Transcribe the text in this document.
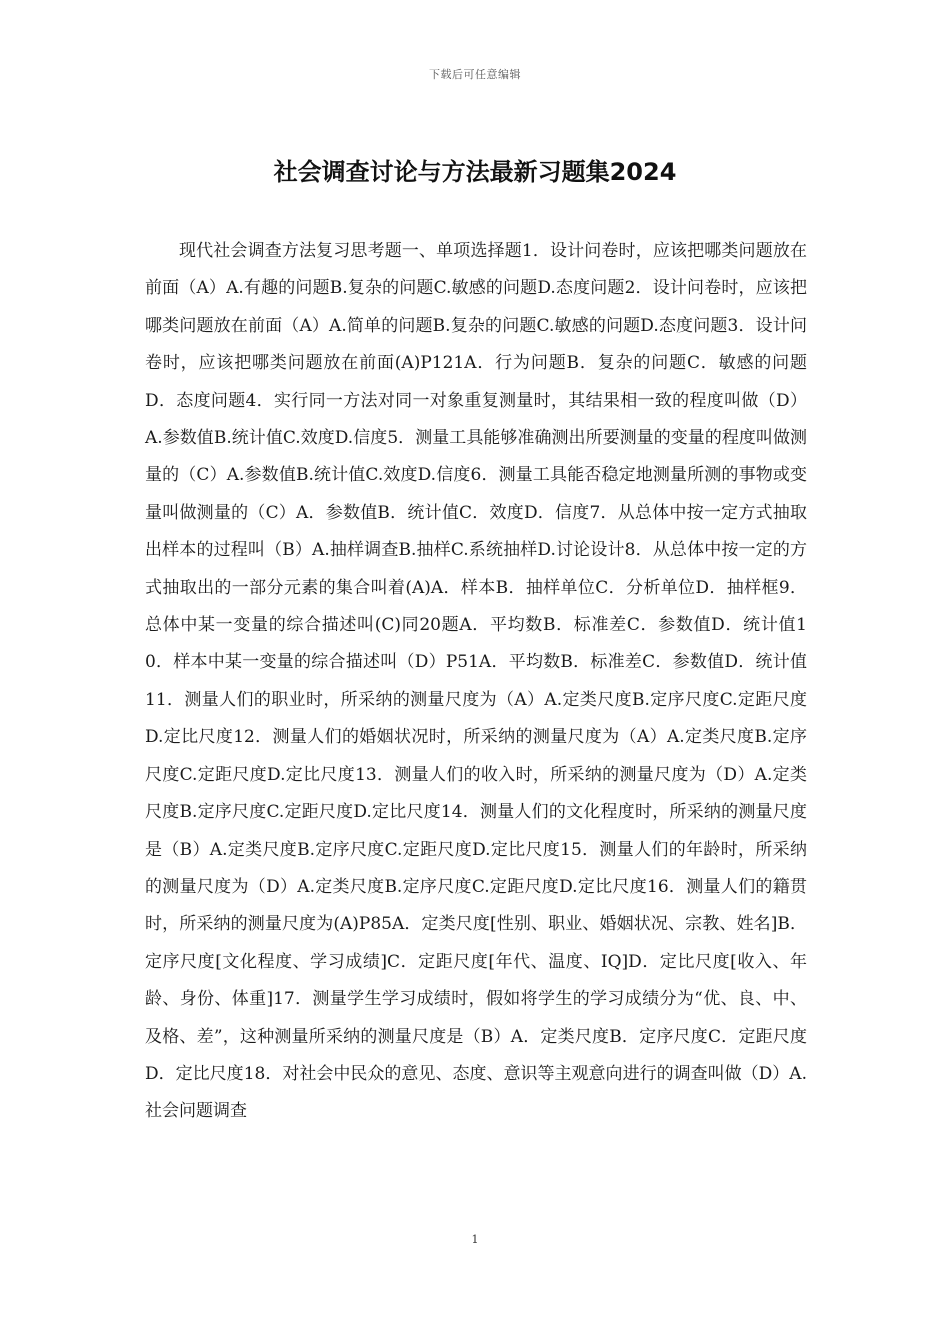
下载后可任意编辑
社会调查讨论与方法最新习题集2024

现代社会调查方法复习思考题一、单项选择题1．设计问卷时，应该把哪类问题放在前面（A）A.有趣的问题B.复杂的问题C.敏感的问题D.态度问题2．设计问卷时，应该把哪类问题放在前面（A）A.简单的问题B.复杂的问题C.敏感的问题D.态度问题3．设计问卷时，应该把哪类问题放在前面(A)P121A．行为问题B．复杂的问题C．敏感的问题D．态度问题4．实行同一方法对同一对象重复测量时，其结果相一致的程度叫做（D）A.参数值B.统计值C.效度D.信度5．测量工具能够准确测出所要测量的变量的程度叫做测量的（C）A.参数值B.统计值C.效度D.信度6．测量工具能否稳定地测量所测的事物或变量叫做测量的（C）A．参数值B．统计值C．效度D．信度7．从总体中按一定方式抽取出样本的过程叫（B）A.抽样调查B.抽样C.系统抽样D.讨论设计8．从总体中按一定的方式抽取出的一部分元素的集合叫着(A)A．样本B．抽样单位C．分析单位D．抽样框9．总体中某一变量的综合描述叫(C)同20题A．平均数B．标准差C．参数值D．统计值10．样本中某一变量的综合描述叫（D）P51A．平均数B．标准差C．参数值D．统计值11．测量人们的职业时，所采纳的测量尺度为（A）A.定类尺度B.定序尺度C.定距尺度D.定比尺度12．测量人们的婚姻状况时，所采纳的测量尺度为（A）A.定类尺度B.定序尺度C.定距尺度D.定比尺度13．测量人们的收入时，所采纳的测量尺度为（D）A.定类尺度B.定序尺度C.定距尺度D.定比尺度14．测量人们的文化程度时，所采纳的测量尺度是（B）A.定类尺度B.定序尺度C.定距尺度D.定比尺度15．测量人们的年龄时，所采纳的测量尺度为（D）A.定类尺度B.定序尺度C.定距尺度D.定比尺度16．测量人们的籍贯时，所采纳的测量尺度为(A)P85A．定类尺度[性别、职业、婚姻状况、宗教、姓名]B．定序尺度[文化程度、学习成绩]C．定距尺度[年代、温度、IQ]D．定比尺度[收入、年龄、身份、体重]17．测量学生学习成绩时，假如将学生的学习成绩分为“优、良、中、及格、差”，这种测量所采纳的测量尺度是（B）A．定类尺度B．定序尺度C．定距尺度D．定比尺度18．对社会中民众的意见、态度、意识等主观意向进行的调查叫做（D）A.社会问题调查

1
